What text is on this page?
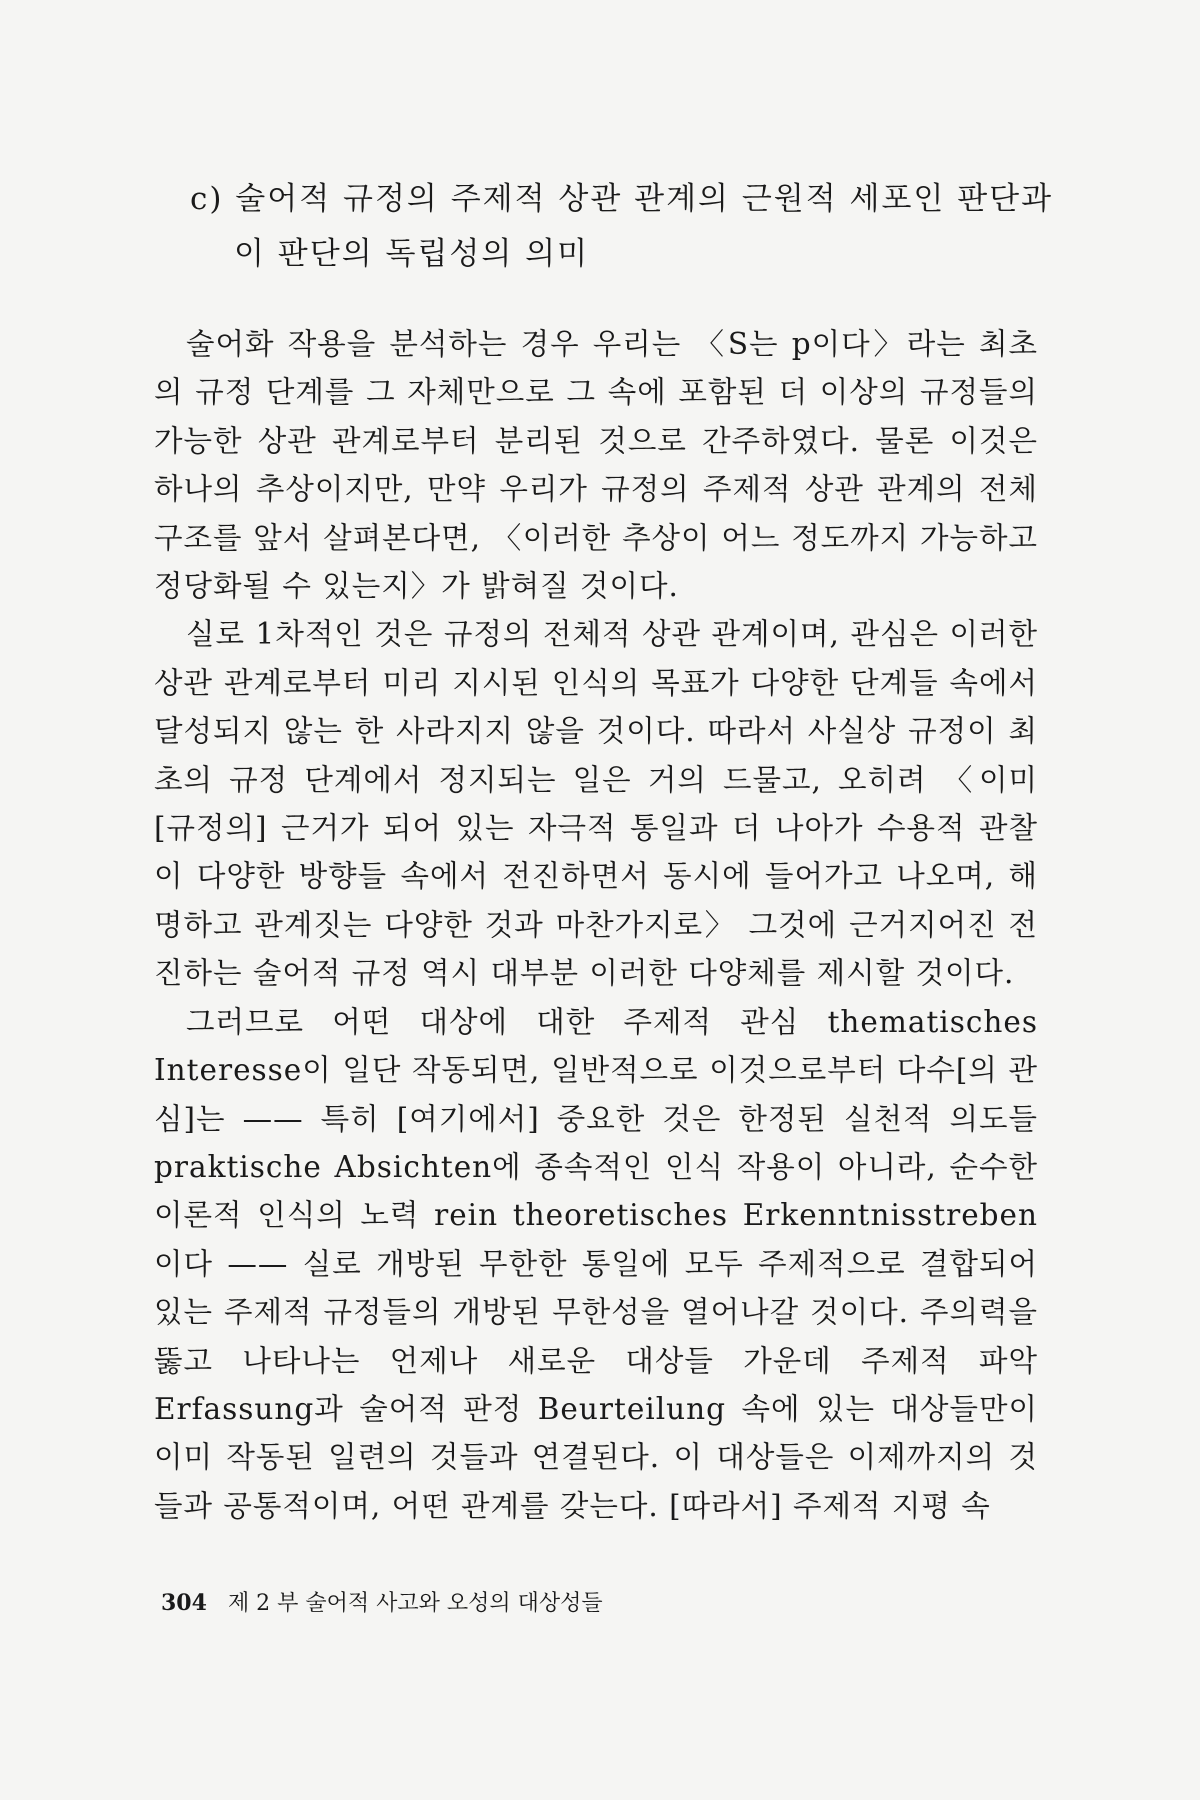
c) 술어적 규정의 주제적 상관 관계의 근원적 세포인 판단과
이 판단의 독립성의 의미

술어화 작용을 분석하는 경우 우리는 〈S는 p이다〉라는 최초의 규정 단계를 그 자체만으로 그 속에 포함된 더 이상의 규정들의 가능한 상관 관계로부터 분리된 것으로 간주하였다. 물론 이것은 하나의 추상이지만, 만약 우리가 규정의 주제적 상관 관계의 전체 구조를 앞서 살펴본다면, 〈이러한 추상이 어느 정도까지 가능하고 정당화될 수 있는지〉가 밝혀질 것이다.

실로 1차적인 것은 규정의 전체적 상관 관계이며, 관심은 이러한 상관 관계로부터 미리 지시된 인식의 목표가 다양한 단계들 속에서 달성되지 않는 한 사라지지 않을 것이다. 따라서 사실상 규정이 최초의 규정 단계에서 정지되는 일은 거의 드물고, 오히려 〈이미 [규정의] 근거가 되어 있는 자극적 통일과 더 나아가 수용적 관찰이 다양한 방향들 속에서 전진하면서 동시에 들어가고 나오며, 해명하고 관계짓는 다양한 것과 마찬가지로〉 그것에 근거지어진 전진하는 술어적 규정 역시 대부분 이러한 다양체를 제시할 것이다.

그러므로 어떤 대상에 대한 주제적 관심 thematisches Interesse이 일단 작동되면, 일반적으로 이것으로부터 다수[의 관심]는 —— 특히 [여기에서] 중요한 것은 한정된 실천적 의도들 praktische Absichten에 종속적인 인식 작용이 아니라, 순수한 이론적 인식의 노력 rein theoretisches Erkenntnisstreben이다 —— 실로 개방된 무한한 통일에 모두 주제적으로 결합되어 있는 주제적 규정들의 개방된 무한성을 열어나갈 것이다. 주의력을 뚫고 나타나는 언제나 새로운 대상들 가운데 주제적 파악 Erfassung과 술어적 판정 Beurteilung 속에 있는 대상들만이 이미 작동된 일련의 것들과 연결된다. 이 대상들은 이제까지의 것들과 공통적이며, 어떤 관계를 갖는다. [따라서] 주제적 지평 속

304 제 2 부 술어적 사고와 오성의 대상성들
